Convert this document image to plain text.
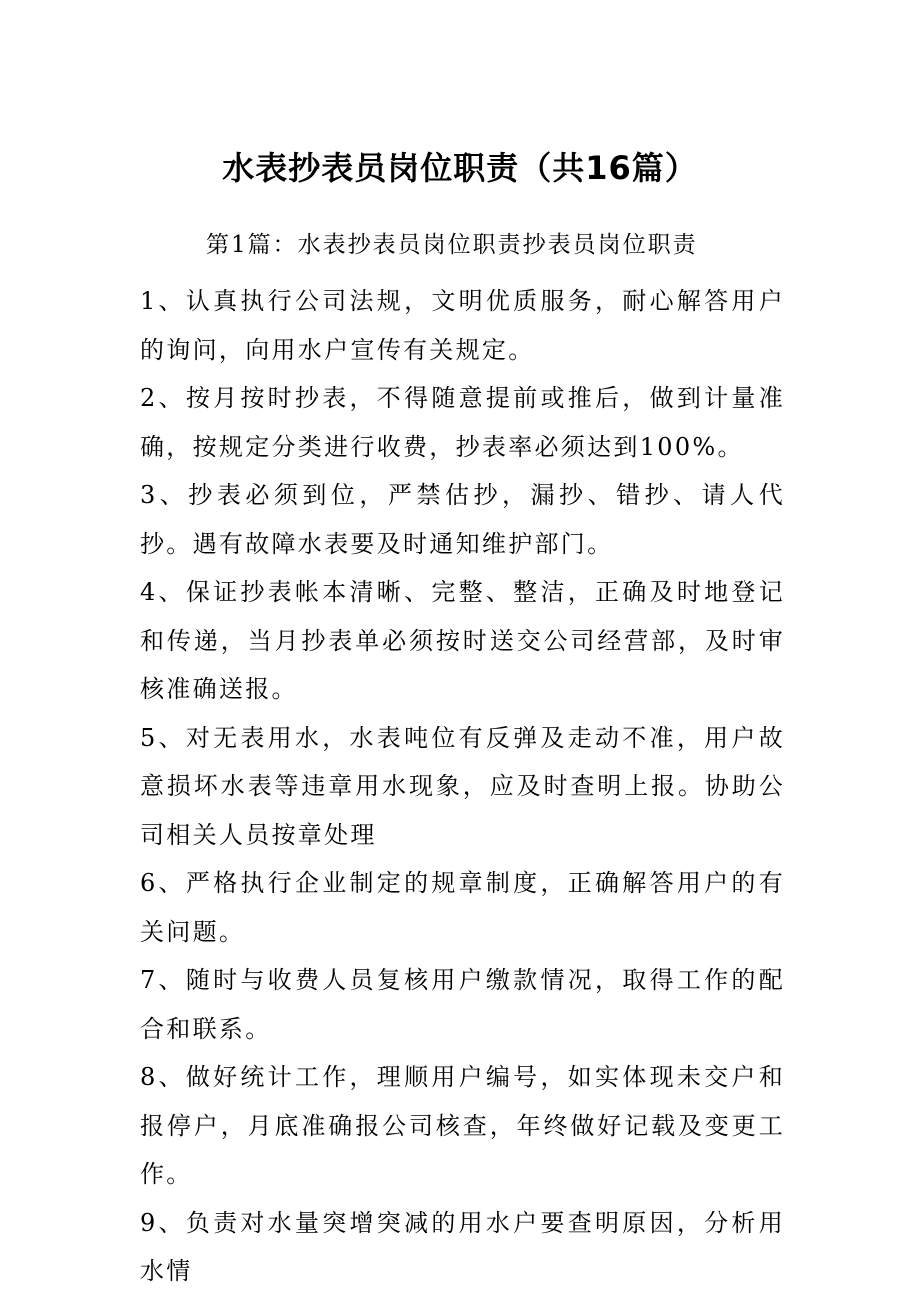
水表抄表员岗位职责（共16篇）
第1篇：水表抄表员岗位职责抄表员岗位职责

1、认真执行公司法规，文明优质服务，耐心解答用户的询问，向用水户宣传有关规定。

2、按月按时抄表，不得随意提前或推后，做到计量准确，按规定分类进行收费，抄表率必须达到100%。

3、抄表必须到位，严禁估抄，漏抄、错抄、请人代抄。遇有故障水表要及时通知维护部门。

4、保证抄表帐本清晰、完整、整洁，正确及时地登记和传递，当月抄表单必须按时送交公司经营部，及时审核准确送报。

5、对无表用水，水表吨位有反弹及走动不准，用户故意损坏水表等违章用水现象，应及时查明上报。协助公司相关人员按章处理

6、严格执行企业制定的规章制度，正确解答用户的有关问题。

7、随时与收费人员复核用户缴款情况，取得工作的配合和联系。

8、做好统计工作，理顺用户编号，如实体现未交户和报停户，月底准确报公司核查，年终做好记载及变更工作。

9、负责对水量突增突减的用水户要查明原因，分析用水情
